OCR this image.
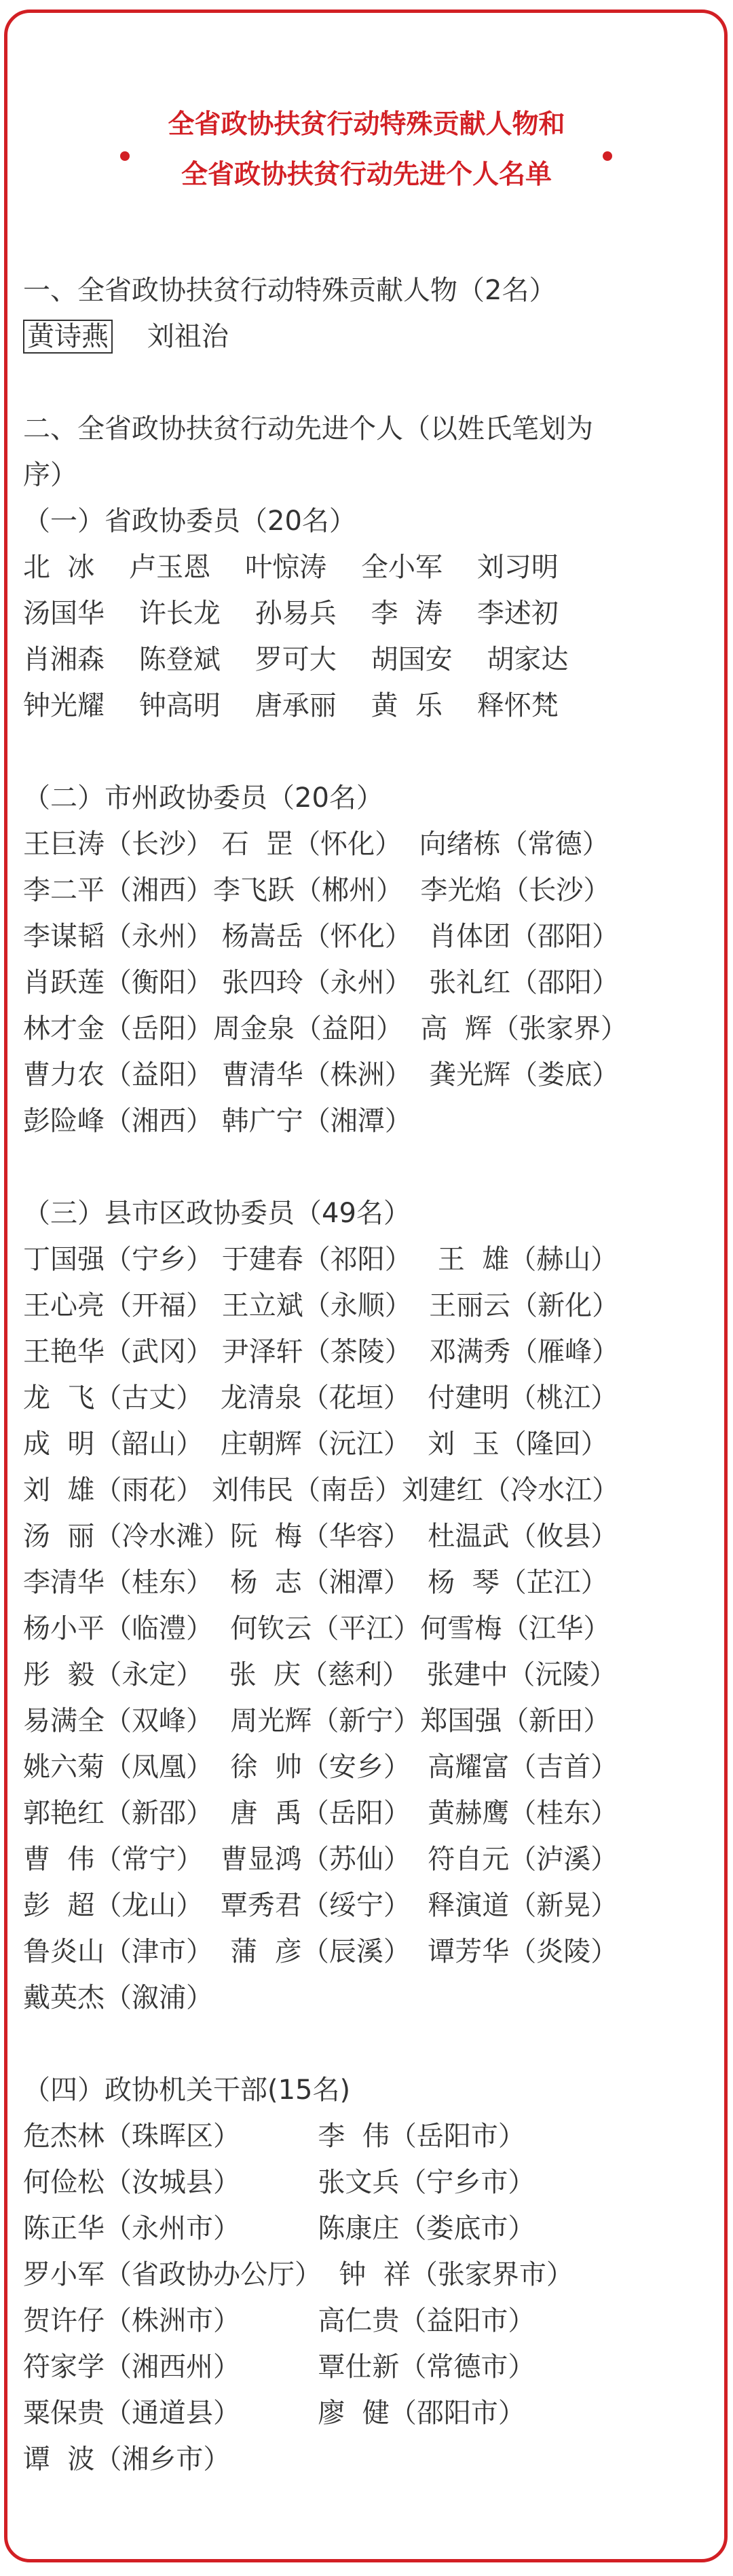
全省政协扶贫行动特殊贡献人物和
全省政协扶贫行动先进个人名单
一、全省政协扶贫行动特殊贡献人物（2名）
黄诗燕 刘祖治
二、全省政协扶贫行动先进个人（以姓氏笔划为
序）
（一）省政协委员（20名）
北  冰    卢玉恩    叶惊涛    全小军    刘习明
汤国华    许长龙    孙易兵    李  涛    李述初
肖湘森    陈登斌    罗可大    胡国安    胡家达
钟光耀    钟高明    唐承丽    黄  乐    释怀梵
（二）市州政协委员（20名）
王巨涛（长沙） 石  罡（怀化）  向绪栋（常德）
李二平（湘西）李飞跃（郴州）  李光焰（长沙）
李谋韬（永州） 杨嵩岳（怀化）  肖体团（邵阳）
肖跃莲（衡阳） 张四玲（永州）  张礼红（邵阳）
林才金（岳阳）周金泉（益阳）  高  辉（张家界）
曹力农（益阳） 曹清华（株洲）  龚光辉（娄底）
彭险峰（湘西） 韩广宁（湘潭）
（三）县市区政协委员（49名）
丁国强（宁乡） 于建春（祁阳）   王  雄（赫山）
王心亮（开福） 王立斌（永顺）  王丽云（新化）
王艳华（武冈） 尹泽轩（茶陵）  邓满秀（雁峰）
龙  飞（古丈）  龙清泉（花垣）  付建明（桃江）
成  明（韶山）  庄朝辉（沅江）  刘  玉（隆回）
刘  雄（雨花） 刘伟民（南岳）刘建红（冷水江）
汤  丽（冷水滩）阮  梅（华容）  杜温武（攸县）
李清华（桂东）  杨  志（湘潭）  杨  琴（芷江）
杨小平（临澧）  何钦云（平江）何雪梅（江华）
彤  毅（永定）   张  庆（慈利）  张建中（沅陵）
易满全（双峰）  周光辉（新宁）郑国强（新田）
姚六菊（凤凰）  徐  帅（安乡）  高耀富（吉首）
郭艳红（新邵）  唐  禹（岳阳）  黄赫鹰（桂东）
曹  伟（常宁）  曹显鸿（苏仙）  符自元（泸溪）
彭  超（龙山）  覃秀君（绥宁）  释演道（新晃）
鲁炎山（津市）  蒲  彦（辰溪）  谭芳华（炎陵）
戴英杰（溆浦）
（四）政协机关干部(15名)
危杰林（珠晖区）         李  伟（岳阳市）
何俭松（汝城县）         张文兵（宁乡市）
陈正华（永州市）         陈康庄（娄底市）
罗小军（省政协办公厅）  钟  祥（张家界市）
贺许仔（株洲市）         高仁贵（益阳市）
符家学（湘西州）         覃仕新（常德市）
粟保贵（通道县）         廖  健（邵阳市）
谭  波（湘乡市）
